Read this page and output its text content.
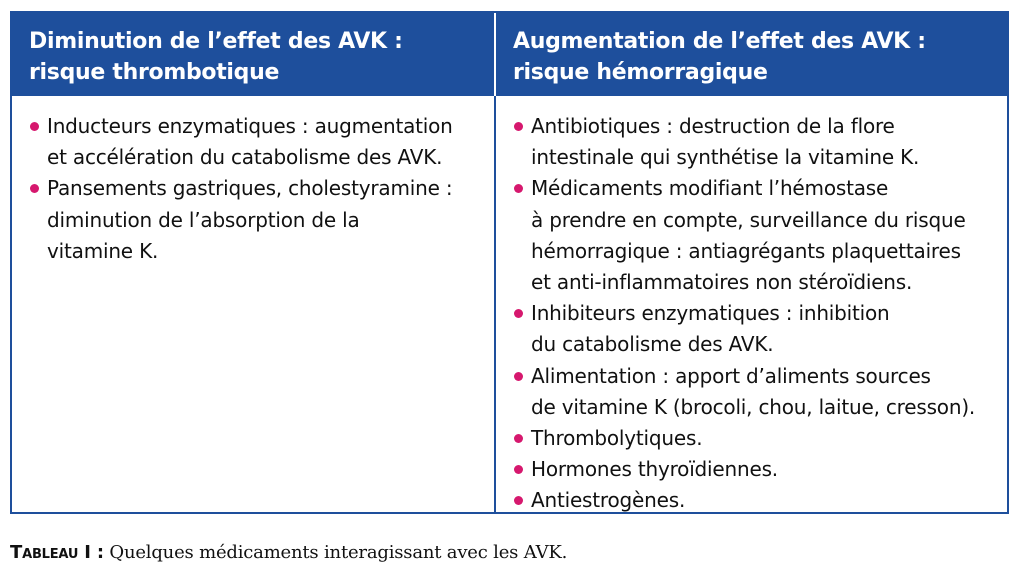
Diminution de l’effet des AVK :
risque thrombotique
Augmentation de l’effet des AVK :
risque hémorragique
Inducteurs enzymatiques : augmentation
et accélération du catabolisme des AVK.
Pansements gastriques, cholestyramine :
diminution de l’absorption de la
vitamine K.
Antibiotiques : destruction de la flore
intestinale qui synthétise la vitamine K.
Médicaments modifiant l’hémostase
à prendre en compte, surveillance du risque
hémorragique : antiagrégants plaquettaires
et anti-inflammatoires non stéroïdiens.
Inhibiteurs enzymatiques : inhibition
du catabolisme des AVK.
Alimentation : apport d’aliments sources
de vitamine K (brocoli, chou, laitue, cresson).
Thrombolytiques.
Hormones thyroïdiennes.
Antiestrogènes.
Tableau I : Quelques médicaments interagissant avec les AVK.
